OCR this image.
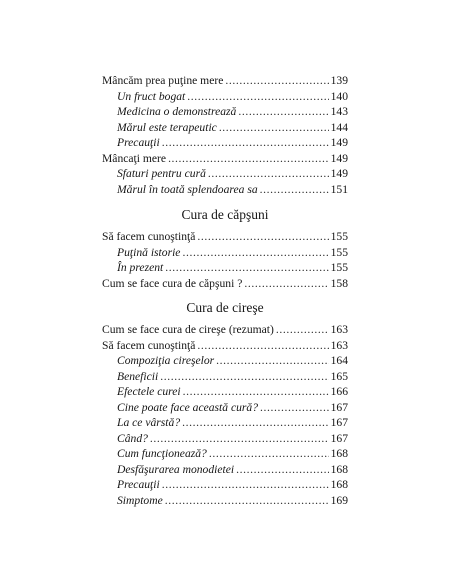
Mâncăm prea puţine mere .....	139
Un fruct bogat .....	140
Medicina o demonstrează .....	143
Mărul este terapeutic .....	144
Precauţii .....	149
Mâncaţi mere .....	149
Sfaturi pentru cură .....	149
Mărul în toată splendoarea sa .....	151
Cura de căpşuni
Să facem cunoştinţă .....	155
Puţină istorie .....	155
În prezent .....	155
Cum se face cura de căpşuni ? .....	158
Cura de cireşe
Cum se face cura de cireşe (rezumat) .....	163
Să facem cunoştinţă .....	163
Compoziţia cireşelor .....	164
Beneficii .....	165
Efectele curei .....	166
Cine poate face această cură? .....	167
La ce vârstă? .....	167
Când? .....	167
Cum funcţionează? .....	168
Desfăşurarea monodietei .....	168
Precauţii .....	168
Simptome .....	169
